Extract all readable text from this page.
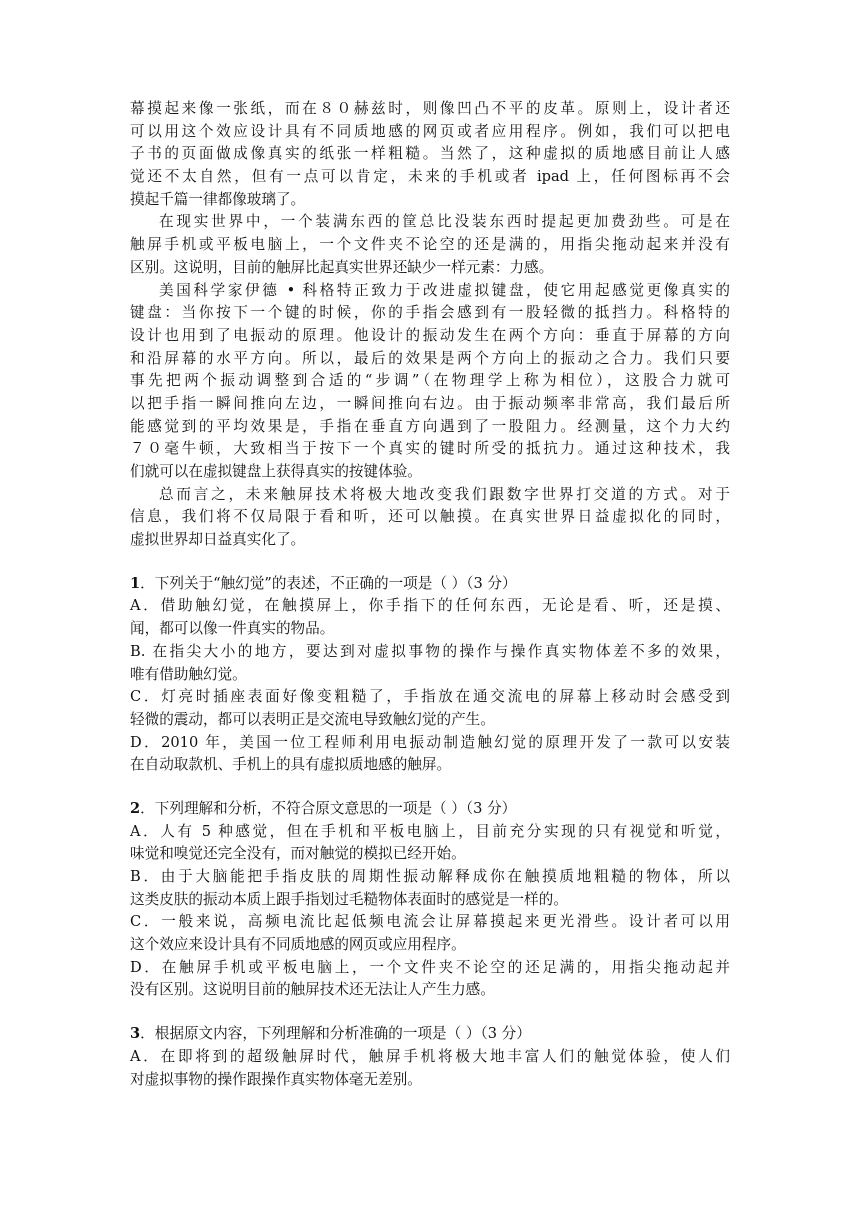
幕摸起来像一张纸，而在８０赫兹时，则像凹凸不平的皮革。原则上，设计者还
可以用这个效应设计具有不同质地感的网页或者应用程序。例如，我们可以把电
子书的页面做成像真实的纸张一样粗糙。当然了，这种虚拟的质地感目前让人感
觉还不太自然，但有一点可以肯定，未来的手机或者 ipad 上，任何图标再不会
摸起千篇一律都像玻璃了。
在现实世界中，一个装满东西的筐总比没装东西时提起更加费劲些。可是在
触屏手机或平板电脑上，一个文件夹不论空的还是满的，用指尖拖动起来并没有
区别。这说明，目前的触屏比起真实世界还缺少一样元素：力感。
美国科学家伊德 • 科格特正致力于改进虚拟键盘，使它用起感觉更像真实的
键盘：当你按下一个键的时候，你的手指会感到有一股轻微的抵挡力。科格特的
设计也用到了电振动的原理。他设计的振动发生在两个方向：垂直于屏幕的方向
和沿屏幕的水平方向。所以，最后的效果是两个方向上的振动之合力。我们只要
事先把两个振动调整到合适的“步调”（在物理学上称为相位），这股合力就可
以把手指一瞬间推向左边，一瞬间推向右边。由于振动频率非常高，我们最后所
能感觉到的平均效果是，手指在垂直方向遇到了一股阻力。经测量，这个力大约
７０毫牛顿，大致相当于按下一个真实的键时所受的抵抗力。通过这种技术，我
们就可以在虚拟键盘上获得真实的按键体验。
总而言之，未来触屏技术将极大地改变我们跟数字世界打交道的方式。对于
信息，我们将不仅局限于看和听，还可以触摸。在真实世界日益虚拟化的同时，
虚拟世界却日益真实化了。
1．下列关于“触幻觉”的表述，不正确的一项是（ ）（3 分）
A．借助触幻觉，在触摸屏上，你手指下的任何东西，无论是看、听，还是摸、
闻，都可以像一件真实的物品。
B. 在指尖大小的地方，要达到对虚拟事物的操作与操作真实物体差不多的效果，
唯有借助触幻觉。
C．灯亮时插座表面好像变粗糙了，手指放在通交流电的屏幕上移动时会感受到
轻微的震动，都可以表明正是交流电导致触幻觉的产生。
D．2010 年，美国一位工程师利用电振动制造触幻觉的原理开发了一款可以安装
在自动取款机、手机上的具有虚拟质地感的触屏。
2．下列理解和分析，不符合原文意思的一项是（ ）（3 分）
A．人有 5 种感觉，但在手机和平板电脑上，目前充分实现的只有视觉和听觉，
味觉和嗅觉还完全没有，而对触觉的模拟已经开始。
B．由于大脑能把手指皮肤的周期性振动解释成你在触摸质地粗糙的物体，所以
这类皮肤的振动本质上跟手指划过毛糙物体表面时的感觉是一样的。
C．一般来说，高频电流比起低频电流会让屏幕摸起来更光滑些。设计者可以用
这个效应来设计具有不同质地感的网页或应用程序。
D．在触屏手机或平板电脑上，一个文件夹不论空的还足满的，用指尖拖动起并
没有区别。这说明目前的触屏技术还无法让人产生力感。
3．根据原文内容，下列理解和分析准确的一项是（ ）（3 分）
A．在即将到的超级触屏时代，触屏手机将极大地丰富人们的触觉体验，使人们
对虚拟事物的操作跟操作真实物体毫无差别。
